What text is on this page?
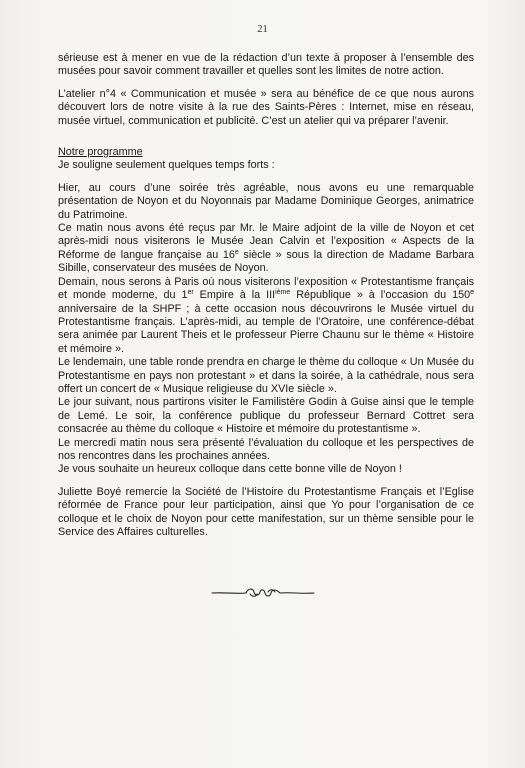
21

sérieuse est à mener en vue de la rédaction d’un texte à proposer à l’ensemble des musées pour savoir comment travailler et quelles sont les limites de notre action.

L’atelier n°4 « Communication et musée » sera au bénéfice de ce que nous aurons découvert lors de notre visite à la rue des Saints-Pères : Internet, mise en réseau, musée virtuel, communication et publicité. C’est un atelier qui va préparer l’avenir.

Notre programme

Je souligne seulement quelques temps forts :

Hier, au cours d’une soirée très agréable, nous avons eu une remarquable présentation de Noyon et du Noyonnais par Madame Dominique Georges, animatrice du Patrimoine.

Ce matin nous avons été reçus par Mr. le Maire adjoint de la ville de Noyon et cet après-midi nous visiterons le Musée Jean Calvin et l’exposition « Aspects de la Réforme de langue française au 16e siècle » sous la direction de Madame Barbara Sibille, conservateur des musées de Noyon.

Demain, nous serons à Paris où nous visiterons l’exposition « Protestantisme français et monde moderne, du 1er Empire à la IIIième République » à l’occasion du 150e anniversaire de la SHPF ; à cette occasion nous découvrirons le Musée virtuel du Protestantisme français. L’après-midi, au temple de l’Oratoire, une conférence-débat sera animée par Laurent Theis et le professeur Pierre Chaunu sur le thème « Histoire et mémoire ».

Le lendemain, une table ronde prendra en charge le thème du colloque « Un Musée du Protestantisme en pays non protestant » et dans la soirée, à la cathédrale, nous sera offert un concert de « Musique religieuse du XVIe siècle ».

Le jour suivant, nous partirons visiter le Familistère Godin à Guise ainsi que le temple de Lemé. Le soir, la conférence publique du professeur Bernard Cottret sera consacrée au thème du colloque « Histoire et mémoire du protestantisme ».

Le mercredi matin nous sera présenté l’évaluation du colloque et les perspectives de nos rencontres dans les prochaines années.

Je vous souhaite un heureux colloque dans cette bonne ville de Noyon !

Juliette Boyé remercie la Société de l’Histoire du Protestantisme Français et l’Eglise réformée de France pour leur participation, ainsi que Yo pour l’organisation de ce colloque et le choix de Noyon pour cette manifestation, sur un thème sensible pour le Service des Affaires culturelles.
